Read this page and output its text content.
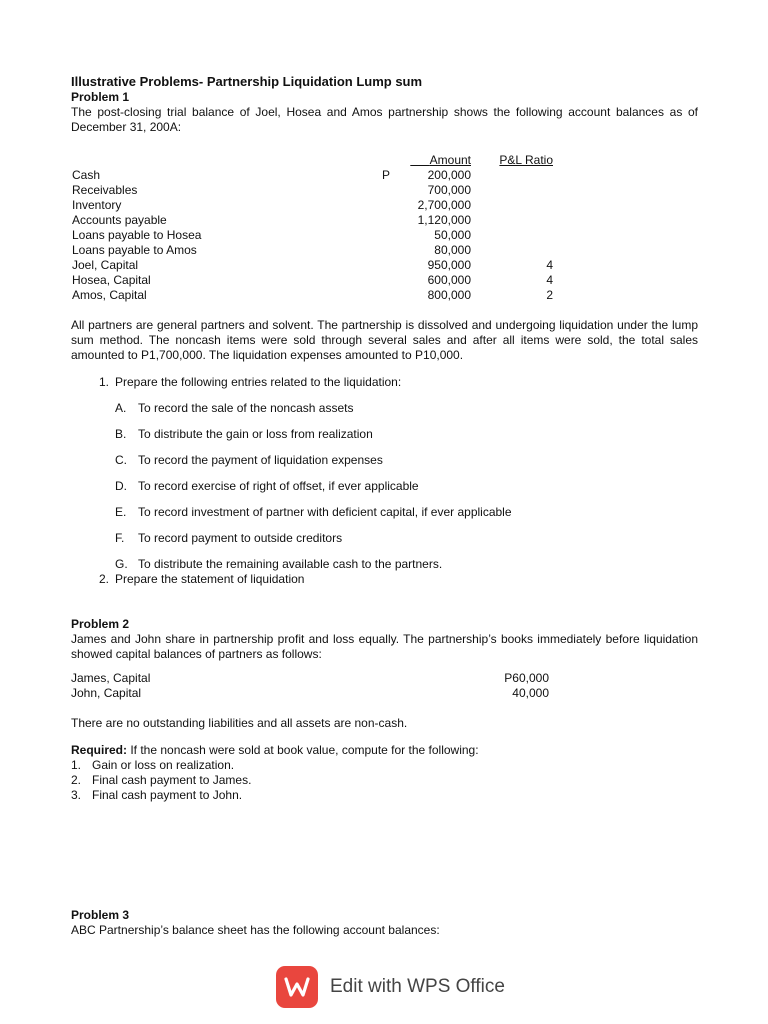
Illustrative Problems- Partnership Liquidation Lump sum
Problem 1
The post-closing trial balance of Joel, Hosea and Amos partnership shows the following account balances as of December 31, 200A:
		Amount	P&L Ratio
Cash	P	200,000	
Receivables		700,000	
Inventory		2,700,000	
Accounts payable		1,120,000	
Loans payable to Hosea		50,000	
Loans payable to Amos		80,000	
Joel, Capital		950,000	4
Hosea, Capital		600,000	4
Amos, Capital		800,000	2
All partners are general partners and solvent. The partnership is dissolved and undergoing liquidation under the lump sum method. The noncash items were sold through several sales and after all items were sold, the total sales amounted to P1,700,000. The liquidation expenses amounted to P10,000.
1. Prepare the following entries related to the liquidation:
A. To record the sale of the noncash assets
B. To distribute the gain or loss from realization
C. To record the payment of liquidation expenses
D. To record exercise of right of offset, if ever applicable
E. To record investment of partner with deficient capital, if ever applicable
F.	To record payment to outside creditors
G. To distribute the remaining available cash to the partners.
2. Prepare the statement of liquidation
Problem 2
James and John share in partnership profit and loss equally. The partnership’s books immediately before liquidation showed capital balances of partners as follows:
James, Capital	P60,000
John, Capital	40,000
There are no outstanding liabilities and all assets are non-cash.
Required: If the noncash were sold at book value, compute for the following:
1. Gain or loss on realization.
2. Final cash payment to James.
3. Final cash payment to John.
Problem 3
ABC Partnership’s balance sheet has the following account balances:
Edit with WPS Office
